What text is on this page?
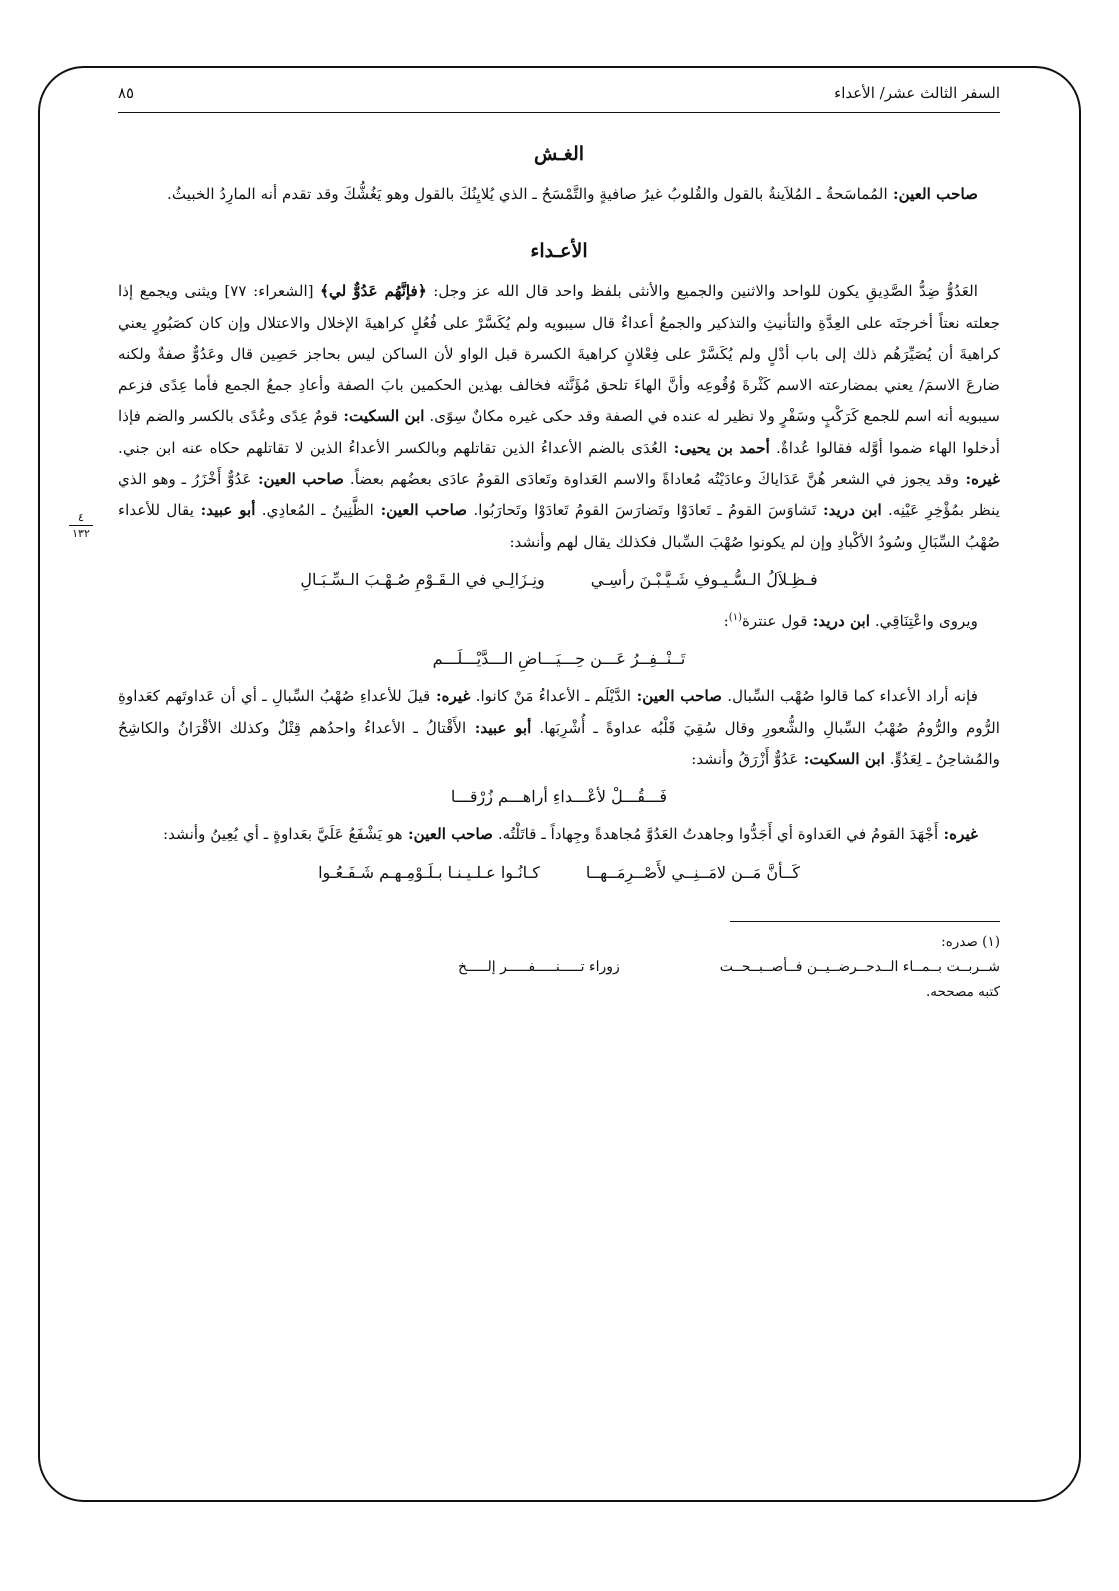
٤
١٣٢
السفر الثالث عشر/ الأعداء
٨٥
الغـش

صاحب العين: المُماسَحةُ ـ المُلاَينةُ بالقول والقُلوبُ غيرُ صافيةٍ والتَّمْسَحُ ـ الذي يُلايِنُكَ بالقول وهو يَغُشُّكَ وقد تقدم أنه المارِدُ الخبيثُ.

الأعـداء

العَدُوُّ ضِدُّ الصَّدِيقِ يكون للواحد والاثنين والجميع والأنثى بلفظ واحد قال الله عز وجل: ﴿فإنَّهُم عَدُوٌّ لي﴾ [الشعراء: ٧٧] ويثنى ويجمع إذا جعلته نعتاً أخرجتَه على العِدَّةِ والتأنيثِ والتذكير والجمعُ أعداءٌ قال سيبويه ولم يُكَسَّرْ على فُعُلٍ كراهيةَ الإخلال والاعتلال وإن كان كصَبُورٍ يعني كراهيةَ أن يُصَيِّرَهُم ذلك إلى باب أدْلٍ ولم يُكَسَّرْ على فِعْلانٍ كراهيةَ الكسرة قبل الواو لأن الساكن ليس بحاجز حَصِين قال وعَدُوٌّ صفةٌ ولكنه ضارعَ الاسمَ/ يعني بمضارعته الاسم كَثْرةَ وُقُوعِه وأنَّ الهاءَ تلحق مُؤَنَّثه فخالف بهذين الحكمين بابَ الصفة وأعادِ جمعُ الجمع فأما عِدًى فزعم سيبويه أنه اسم للجمع كَرَكْبٍ وسَفْرٍ ولا نظير له عنده في الصفة وقد حكى غيره مكانٌ سِوًى. ابن السكيت: قومٌ عِدًى وعُدًى بالكسر والضم فإذا أدخلوا الهاء ضموا أوَّله فقالوا عُداةٌ. أحمد بن يحيى: العُدَى بالضم الأعداءُ الذين تقاتلهم وبالكسر الأعداءُ الذين لا تقاتلهم حكاه عنه ابن جني. غيره: وقد يجوز في الشعر هُنَّ عَدَاياكَ وعادَيْتُه مُعاداةً والاسم العَداوة وتَعادَى القومُ عادَى بعضُهم بعضاً. صاحب العين: عَدُوٌّ أَخْزَرُ ـ وهو الذي ينظر بمُؤْخِرِ عَيْنِه. ابن دريد: تَشاوَسَ القومُ ـ تَعادَوْا وتَضارَسَ القومُ تَعادَوْا وتَحارَبُوا. صاحب العين: الظَّنِينُ ـ المُعادِي. أبو عبيد: يقال للأعداء صُهْبُ السِّبَالِ وسُودُ الأكْبادِ وإن لم يكونوا صُهْبَ السِّبال فكذلك يقال لهم وأنشد:

فـظِـلاَلُ الـسُّـيـوفِ شَـيَّـبْـنَ رأسِـي
ونِـزَالِـي في الـقَـوْمِ صُـهْـبَ الـسِّـبَـالِ

ويروى واعْتِنَاقِي. ابن دريد: قول عنترة$^{(١)}$:

تَــنْــفِــرُ عَـــن حِـــيَـــاضِ الـــدَّيْـــلَـــم

فإنه أراد الأعداء كما قالوا صُهْب السِّبال. صاحب العين: الدَّيْلَم ـ الأعداءُ مَنْ كانوا. غيره: قيلَ للأعداءِ صُهْبُ السِّبالِ ـ أي أن عَداوتَهم كعَداوةِ الرُّوم والرُّومُ صُهْبُ السِّبالِ والشُّعورِ وقال سُقِيَ قَلْبُه عداوةً ـ أُشْرِبَها. أبو عبيد: الأَقْتالُ ـ الأعداءُ واحدُهم قِتْلٌ وكذلك الأقْرَانُ والكاشِحُ والمُشاحِنُ ـ لِعَدُوٍّ. ابن السكيت: عَدُوٌّ أَزْرَقُ وأنشد:

فَـــقُـــلْ لأعْـــداءِ أراهـــم زُرْقـــا

غيره: أَجْهَدَ القومُ في العَداوة أي أَجَدُّوا وجاهدتُ العَدُوَّ مُجاهدةً وجِهاداً ـ قاتَلْتُه. صاحب العين: هو يَشْفَعُ عَلَيَّ بعَداوةٍ ـ أي يُعِينُ وأنشد:

كَــأنَّ مَــن لامَــنِــي لأَصْــرِمَــهــا
كـانُـوا عـلـيـنـا بـلَـوْمِـهـم شَـفَـعُـوا
(١) صدره:
شــربــت بــمــاء الــدحــرضــيــن فــأصــبــحــت
زوراء تـــــنـــــفـــــر إلـــــخ
كتبه مصححه.
